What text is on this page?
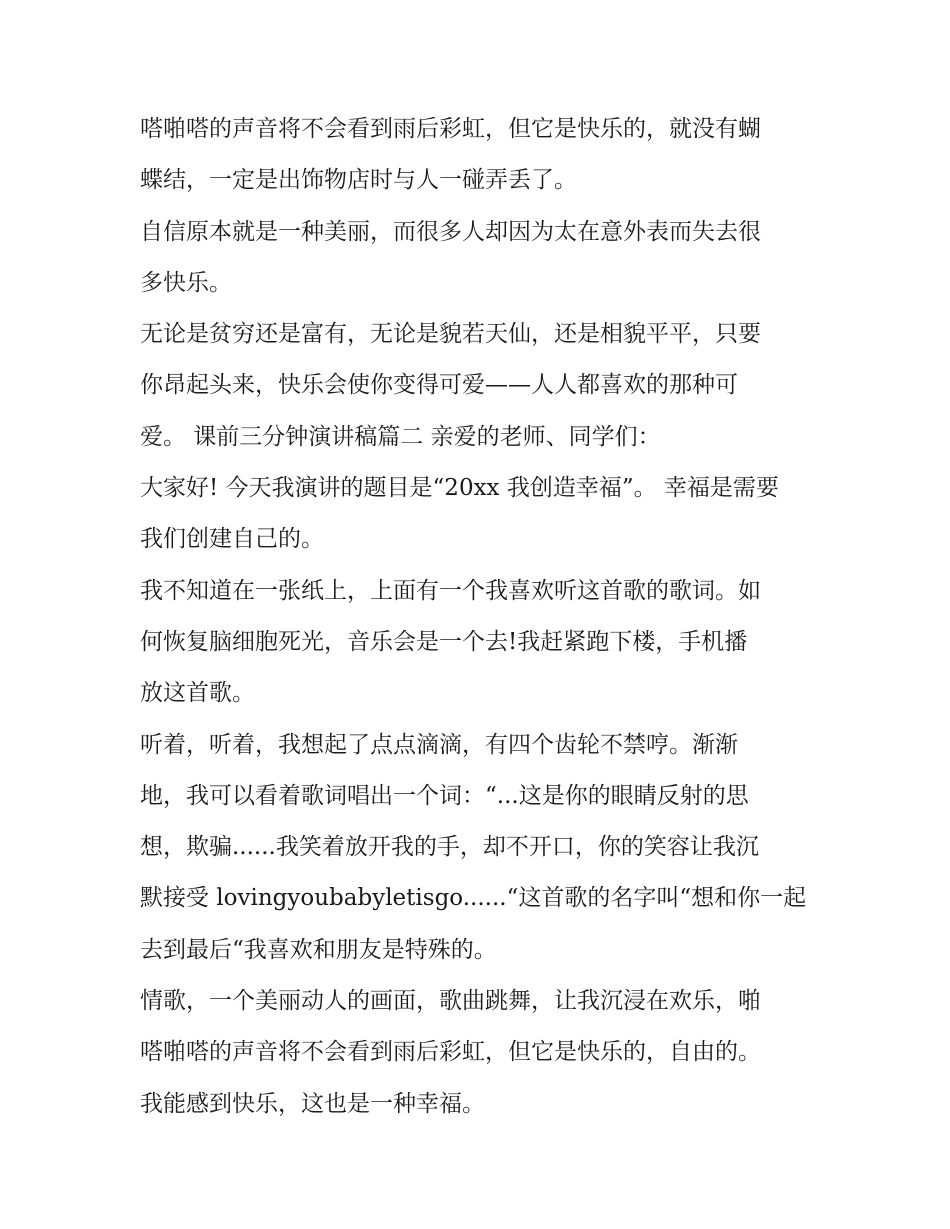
嗒啪嗒的声音将不会看到雨后彩虹，但它是快乐的，就没有蝴
蝶结，一定是出饰物店时与人一碰弄丢了。
自信原本就是一种美丽，而很多人却因为太在意外表而失去很
多快乐。
无论是贫穷还是富有，无论是貌若天仙，还是相貌平平，只要
你昂起头来，快乐会使你变得可爱——人人都喜欢的那种可
爱。 课前三分钟演讲稿篇二 亲爱的老师、同学们：
大家好! 今天我演讲的题目是“20xx 我创造幸福”。 幸福是需要
我们创建自己的。
我不知道在一张纸上，上面有一个我喜欢听这首歌的歌词。如
何恢复脑细胞死光，音乐会是一个去!我赶紧跑下楼，手机播
放这首歌。
听着，听着，我想起了点点滴滴，有四个齿轮不禁哼。渐渐
地，我可以看着歌词唱出一个词：“...这是你的眼睛反射的思
想，欺骗......我笑着放开我的手，却不开口，你的笑容让我沉
默接受 lovingyoubabyletisgo......“这首歌的名字叫“想和你一起
去到最后“我喜欢和朋友是特殊的。
情歌，一个美丽动人的画面，歌曲跳舞，让我沉浸在欢乐，啪
嗒啪嗒的声音将不会看到雨后彩虹，但它是快乐的，自由的。
我能感到快乐，这也是一种幸福。
